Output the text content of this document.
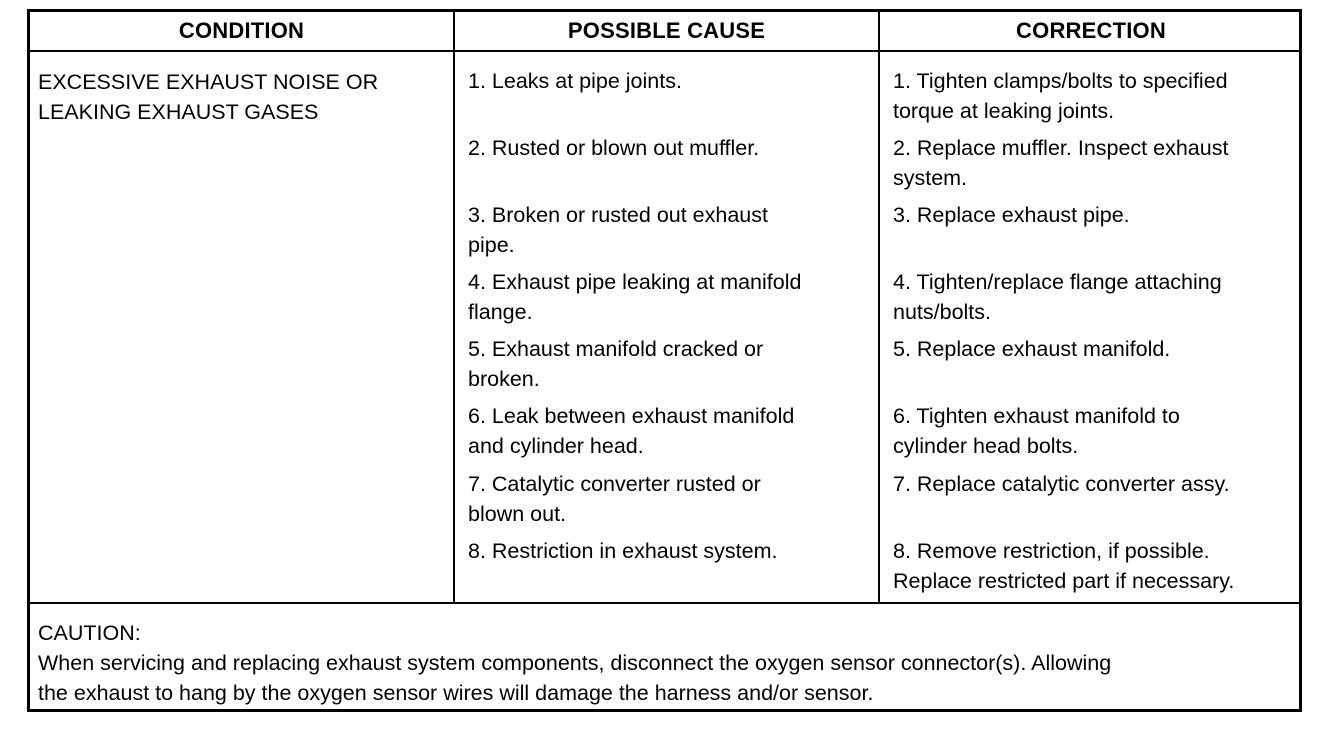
CONDITION	POSSIBLE CAUSE	CORRECTION
EXCESSIVE EXHAUST NOISE OR
LEAKING EXHAUST GASES
1. Leaks at pipe joints.
2. Rusted or blown out muffler.
3. Broken or rusted out exhaust
pipe.
4. Exhaust pipe leaking at manifold
flange.
5. Exhaust manifold cracked or
broken.
6. Leak between exhaust manifold
and cylinder head.
7. Catalytic converter rusted or
blown out.
8. Restriction in exhaust system.
1. Tighten clamps/bolts to specified
torque at leaking joints.
2. Replace muffler. Inspect exhaust
system.
3. Replace exhaust pipe.
4. Tighten/replace flange attaching
nuts/bolts.
5. Replace exhaust manifold.
6. Tighten exhaust manifold to
cylinder head bolts.
7. Replace catalytic converter assy.
8. Remove restriction, if possible.
Replace restricted part if necessary.
CAUTION:
When servicing and replacing exhaust system components, disconnect the oxygen sensor connector(s). Allowing
the exhaust to hang by the oxygen sensor wires will damage the harness and/or sensor.
